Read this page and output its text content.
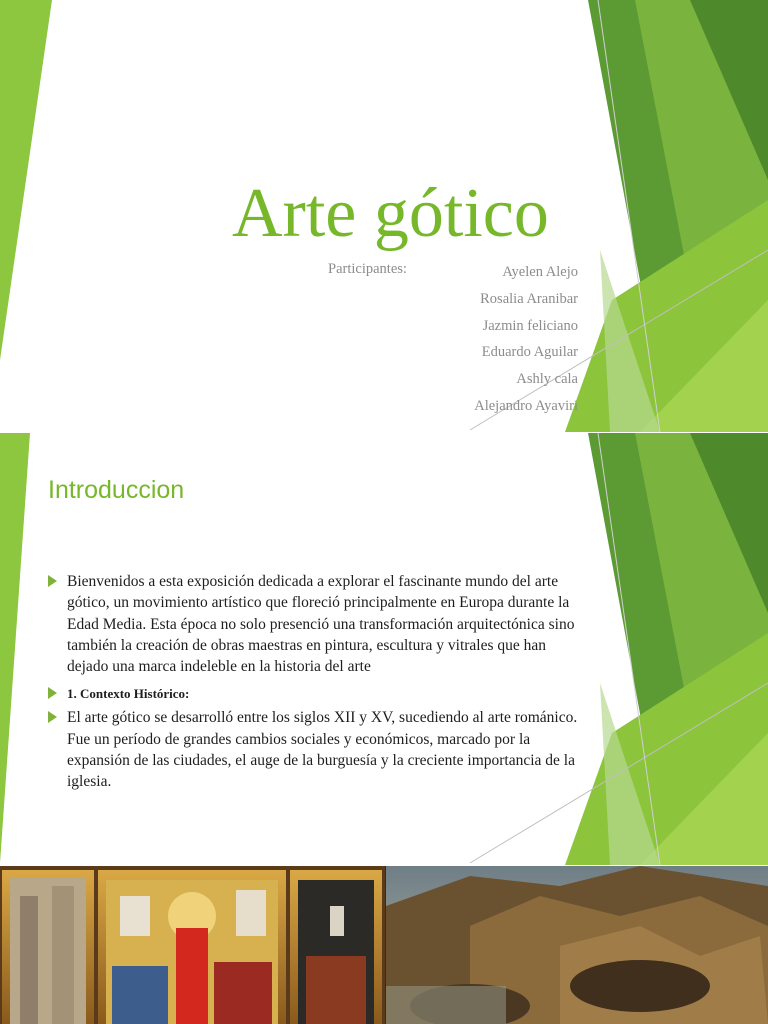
Arte gótico
Participantes:	Ayelen Alejo
Rosalia Aranibar
Jazmin feliciano
Eduardo Aguilar
Ashly cala
Alejandro Ayaviri
Introduccion
Bienvenidos a esta exposición dedicada a explorar el fascinante mundo del arte gótico, un movimiento artístico que floreció principalmente en Europa durante la Edad Media. Esta época no solo presenció una transformación arquitectónica sino también la creación de obras maestras en pintura, escultura y vitrales que han dejado una marca indeleble en la historia del arte
1. Contexto Histórico:
El arte gótico se desarrolló entre los siglos XII y XV, sucediendo al arte románico. Fue un período de grandes cambios sociales y económicos, marcado por la expansión de las ciudades, el auge de la burguesía y la creciente importancia de la iglesia.
